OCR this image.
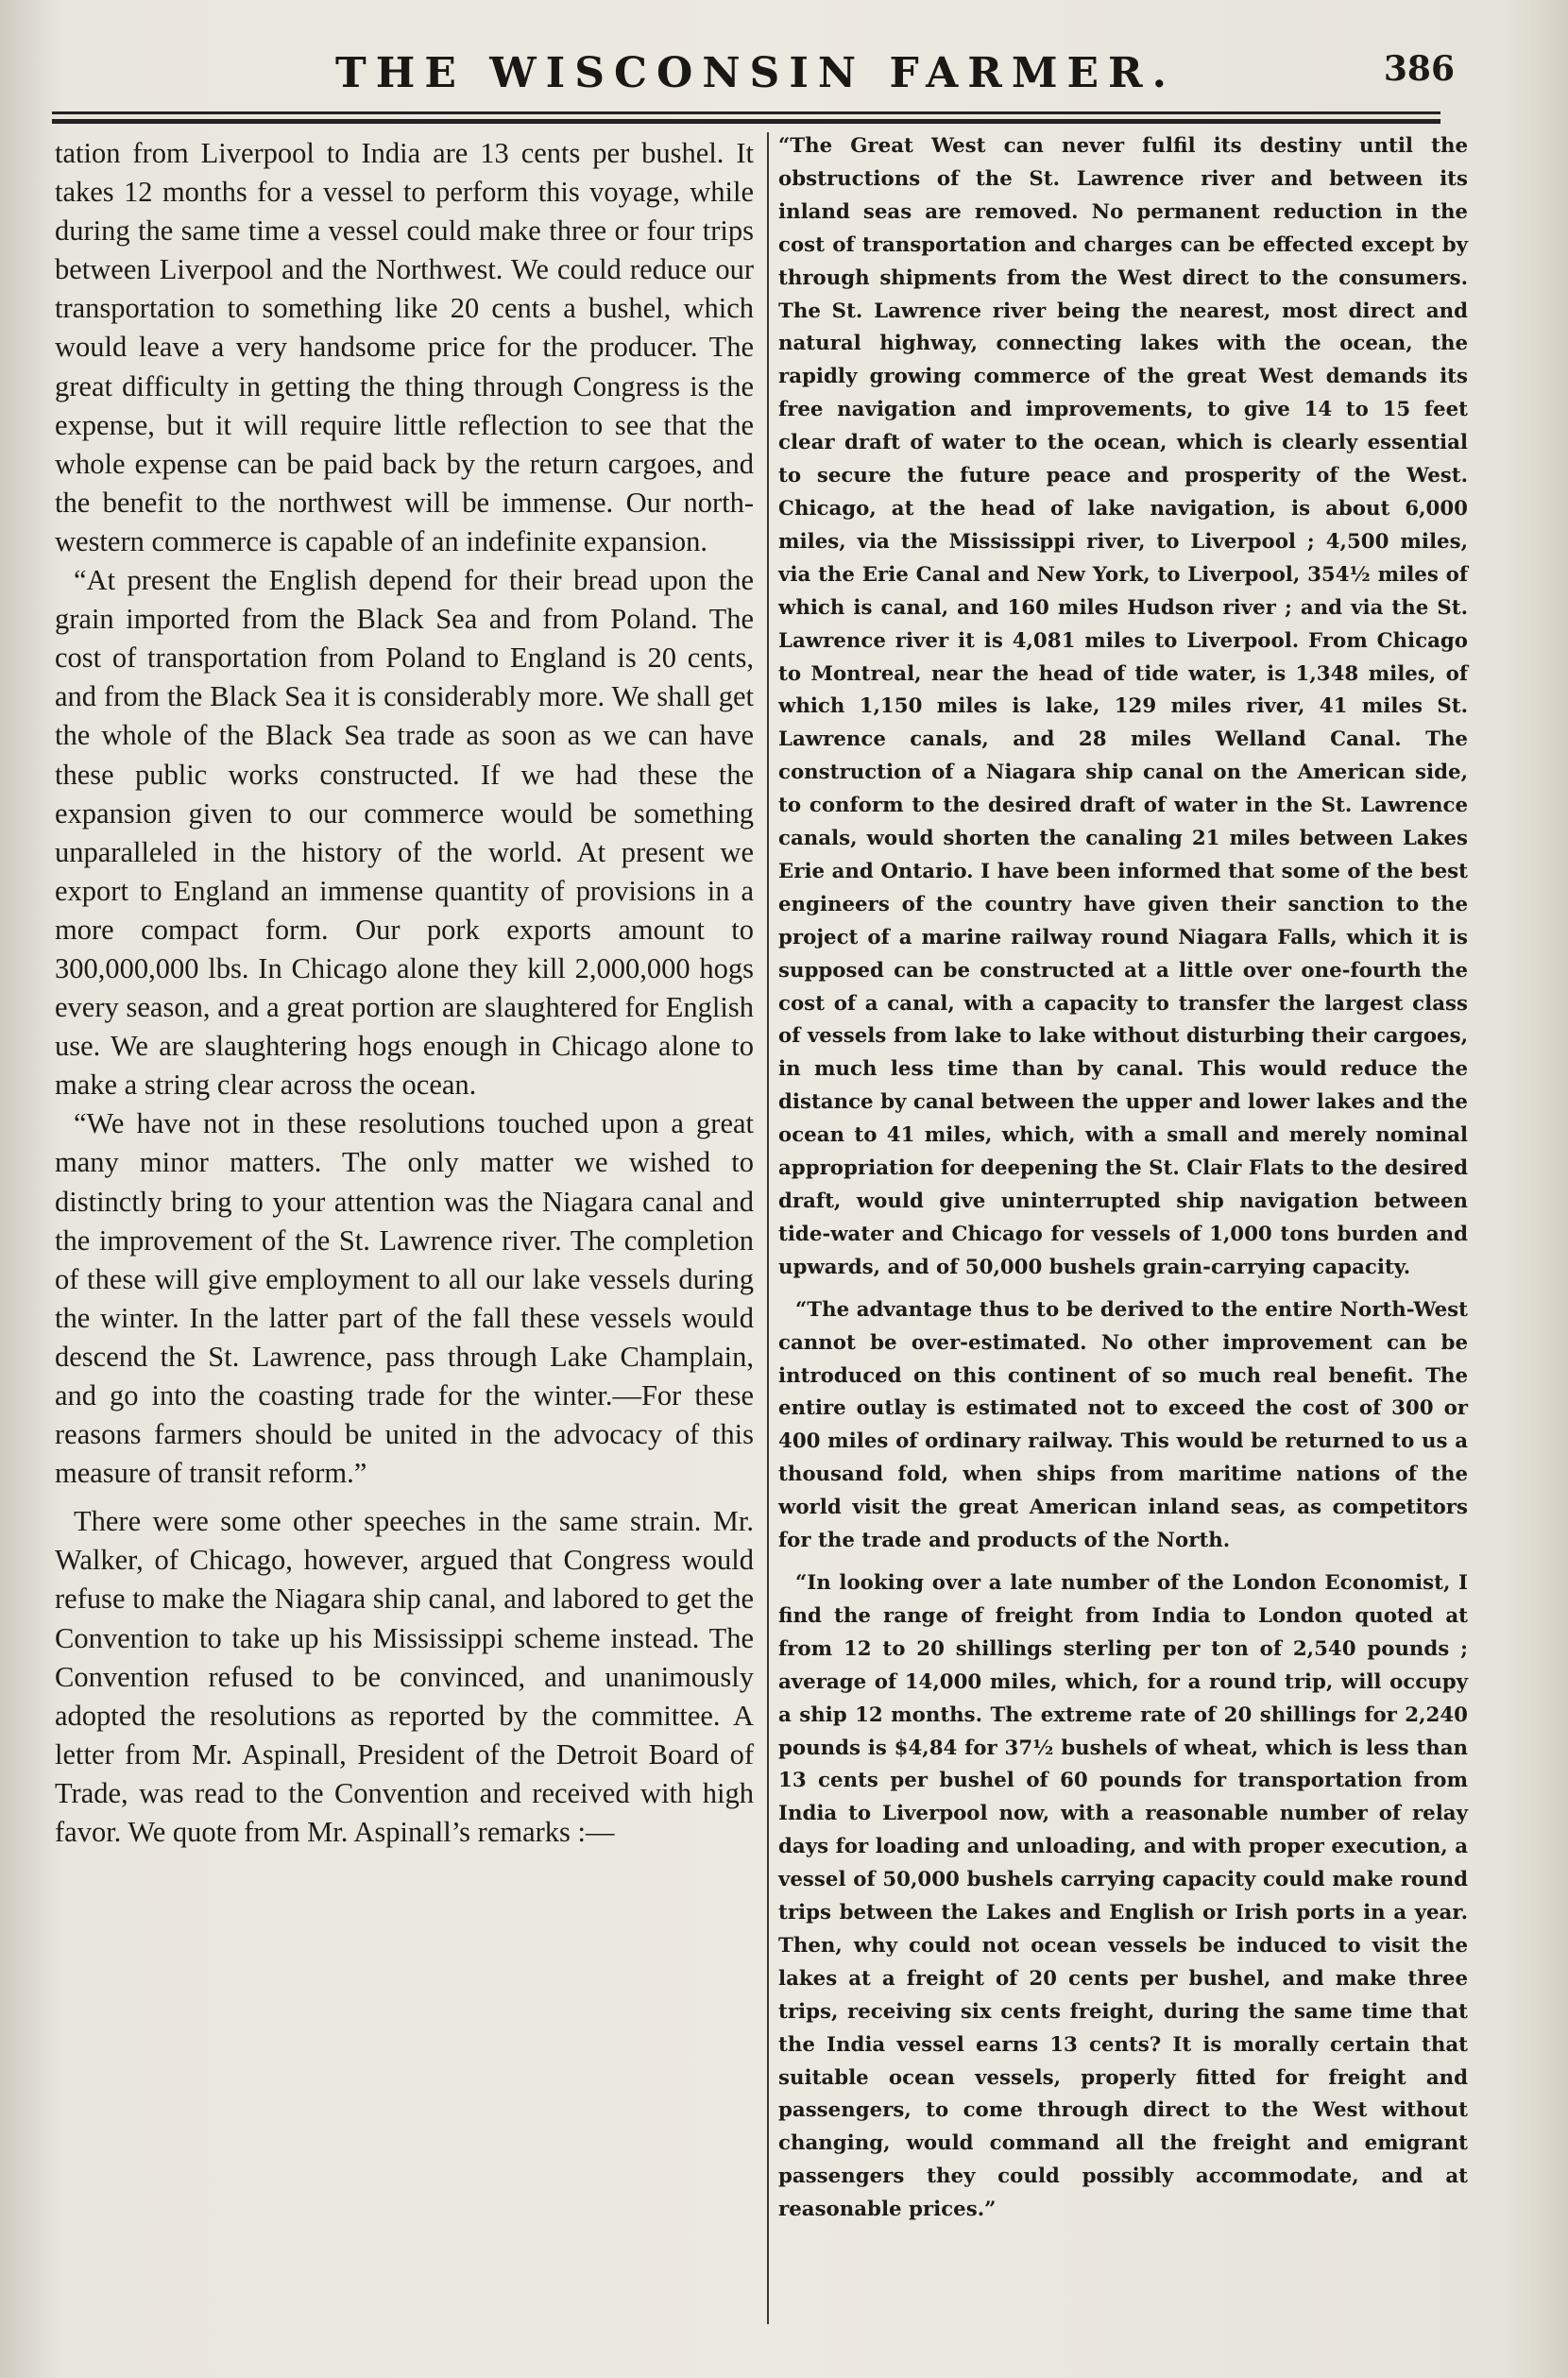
THE WISCONSIN FARMER.	386

tation from Liverpool to India are 13 cents per bushel. It takes 12 months for a vessel to perform this voyage, while during the same time a vessel could make three or four trips between Liverpool and the Northwest. We could reduce our transportation to something like 20 cents a bushel, which would leave a very handsome price for the producer. The great difficulty in getting the thing through Congress is the expense, but it will require little reflection to see that the whole expense can be paid back by the return cargoes, and the benefit to the northwest will be immense. Our north-western commerce is capable of an indefinite expansion.

“At present the English depend for their bread upon the grain imported from the Black Sea and from Poland. The cost of transportation from Poland to England is 20 cents, and from the Black Sea it is considerably more. We shall get the whole of the Black Sea trade as soon as we can have these public works constructed. If we had these the expansion given to our commerce would be something unparalleled in the history of the world. At present we export to England an immense quantity of provisions in a more compact form. Our pork exports amount to 300,000,000 lbs. In Chicago alone they kill 2,000,000 hogs every season, and a great portion are slaughtered for English use. We are slaughtering hogs enough in Chicago alone to make a string clear across the ocean.

“We have not in these resolutions touched upon a great many minor matters. The only matter we wished to distinctly bring to your attention was the Niagara canal and the improvement of the St. Lawrence river. The completion of these will give employment to all our lake vessels during the winter. In the latter part of the fall these vessels would descend the St. Lawrence, pass through Lake Champlain, and go into the coasting trade for the winter.—For these reasons farmers should be united in the advocacy of this measure of transit reform.”

There were some other speeches in the same strain. Mr. Walker, of Chicago, however, argued that Congress would refuse to make the Niagara ship canal, and labored to get the Convention to take up his Mississippi scheme instead. The Convention refused to be convinced, and unanimously adopted the resolutions as reported by the committee. A letter from Mr. Aspinall, President of the Detroit Board of Trade, was read to the Convention and received with high favor. We quote from Mr. Aspinall’s remarks :—

“The Great West can never fulfil its destiny until the obstructions of the St. Lawrence river and between its inland seas are removed. No permanent reduction in the cost of transportation and charges can be effected except by through shipments from the West direct to the consumers. The St. Lawrence river being the nearest, most direct and natural highway, connecting lakes with the ocean, the rapidly growing commerce of the great West demands its free navigation and improvements, to give 14 to 15 feet clear draft of water to the ocean, which is clearly essential to secure the future peace and prosperity of the West. Chicago, at the head of lake navigation, is about 6,000 miles, via the Mississippi river, to Liverpool ; 4,500 miles, via the Erie Canal and New York, to Liverpool, 354½ miles of which is canal, and 160 miles Hudson river ; and via the St. Lawrence river it is 4,081 miles to Liverpool. From Chicago to Montreal, near the head of tide water, is 1,348 miles, of which 1,150 miles is lake, 129 miles river, 41 miles St. Lawrence canals, and 28 miles Welland Canal. The construction of a Niagara ship canal on the American side, to conform to the desired draft of water in the St. Lawrence canals, would shorten the canaling 21 miles between Lakes Erie and Ontario. I have been informed that some of the best engineers of the country have given their sanction to the project of a marine railway round Niagara Falls, which it is supposed can be constructed at a little over one-fourth the cost of a canal, with a capacity to transfer the largest class of vessels from lake to lake without disturbing their cargoes, in much less time than by canal. This would reduce the distance by canal between the upper and lower lakes and the ocean to 41 miles, which, with a small and merely nominal appropriation for deepening the St. Clair Flats to the desired draft, would give uninterrupted ship navigation between tide-water and Chicago for vessels of 1,000 tons burden and upwards, and of 50,000 bushels grain-carrying capacity.

“The advantage thus to be derived to the entire North-West cannot be over-estimated. No other improvement can be introduced on this continent of so much real benefit. The entire outlay is estimated not to exceed the cost of 300 or 400 miles of ordinary railway. This would be returned to us a thousand fold, when ships from maritime nations of the world visit the great American inland seas, as competitors for the trade and products of the North.

“In looking over a late number of the London Economist, I find the range of freight from India to London quoted at from 12 to 20 shillings sterling per ton of 2,540 pounds ; average of 14,000 miles, which, for a round trip, will occupy a ship 12 months. The extreme rate of 20 shillings for 2,240 pounds is $4,84 for 37½ bushels of wheat, which is less than 13 cents per bushel of 60 pounds for transportation from India to Liverpool now, with a reasonable number of relay days for loading and unloading, and with proper execution, a vessel of 50,000 bushels carrying capacity could make round trips between the Lakes and English or Irish ports in a year. Then, why could not ocean vessels be induced to visit the lakes at a freight of 20 cents per bushel, and make three trips, receiving six cents freight, during the same time that the India vessel earns 13 cents? It is morally certain that suitable ocean vessels, properly fitted for freight and passengers, to come through direct to the West without changing, would command all the freight and emigrant passengers they could possibly accommodate, and at reasonable prices.”
